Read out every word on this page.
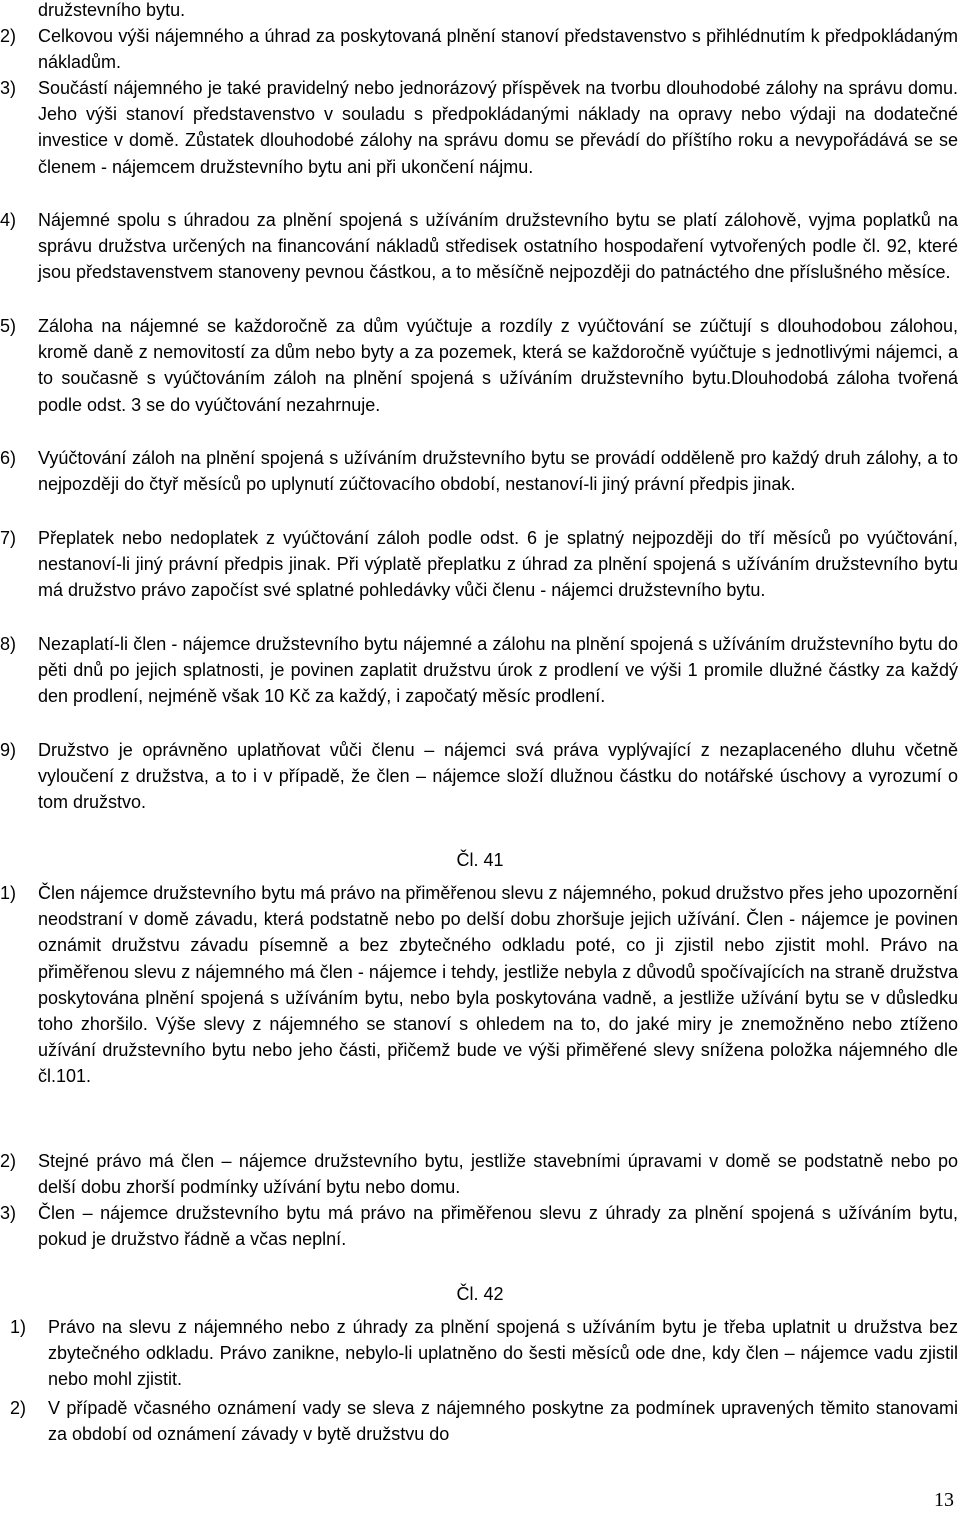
družstevního bytu.

2) Celkovou výši nájemného a úhrad za poskytovaná plnění stanoví představenstvo s přihlédnutím k předpokládaným nákladům.

3) Součástí nájemného je také pravidelný nebo jednorázový příspěvek na tvorbu dlouhodobé zálohy na správu domu. Jeho výši stanoví představenstvo v souladu s předpokládanými náklady na opravy nebo výdaji na dodatečné investice v domě. Zůstatek dlouhodobé zálohy na správu domu se převádí do příštího roku a nevypořádává se se členem - nájemcem družstevního bytu ani při ukončení nájmu.

4) Nájemné spolu s úhradou za plnění spojená s užíváním družstevního bytu se platí zálohově, vyjma poplatků na správu družstva určených na financování nákladů středisek ostatního hospodaření vytvořených podle čl. 92, které jsou představenstvem stanoveny pevnou částkou, a to měsíčně nejpozději do patnáctého dne příslušného měsíce.

5) Záloha na nájemné se každoročně za dům vyúčtuje a rozdíly z vyúčtování se zúčtují s dlouhodobou zálohou, kromě daně z nemovitostí za dům nebo byty a za pozemek, která se každoročně vyúčtuje s jednotlivými nájemci, a to současně s vyúčtováním záloh na plnění spojená s užíváním družstevního bytu.Dlouhodobá záloha tvořená podle odst. 3 se do vyúčtování nezahrnuje.

6) Vyúčtování záloh na plnění spojená s užíváním družstevního bytu se provádí odděleně pro každý druh zálohy, a to nejpozději do čtyř měsíců po uplynutí zúčtovacího období, nestanoví-li jiný právní předpis jinak.

7) Přeplatek nebo nedoplatek z vyúčtování záloh podle odst. 6 je splatný nejpozději do tří měsíců po vyúčtování, nestanoví-li jiný právní předpis jinak. Při výplatě přeplatku z úhrad za plnění spojená s užíváním družstevního bytu má družstvo právo započíst své splatné pohledávky vůči členu - nájemci družstevního bytu.

8) Nezaplatí-li člen - nájemce družstevního bytu nájemné a zálohu na plnění spojená s užíváním družstevního bytu do pěti dnů po jejich splatnosti, je povinen zaplatit družstvu úrok z prodlení ve výši 1 promile dlužné částky za každý den prodlení, nejméně však 10 Kč za každý, i započatý měsíc prodlení.

9) Družstvo je oprávněno uplatňovat vůči členu – nájemci svá práva vyplývající z nezaplaceného dluhu včetně vyloučení z družstva, a to i v případě, že člen – nájemce složí dlužnou částku do notářské úschovy a vyrozumí o tom družstvo.

Čl. 41

1) Člen nájemce družstevního bytu má právo na přiměřenou slevu z nájemného, pokud družstvo přes jeho upozornění neodstraní v domě závadu, která podstatně nebo po delší dobu zhoršuje jejich užívání. Člen - nájemce je povinen oznámit družstvu závadu písemně a bez zbytečného odkladu poté, co ji zjistil nebo zjistit mohl. Právo na přiměřenou slevu z nájemného má člen - nájemce i tehdy, jestliže nebyla z důvodů spočívajících na straně družstva poskytována plnění spojená s užíváním bytu, nebo byla poskytována vadně, a jestliže užívání bytu se v důsledku toho zhoršilo. Výše slevy z nájemného se stanoví s ohledem na to, do jaké miry je znemožněno nebo ztíženo užívání družstevního bytu nebo jeho části, přičemž bude ve výši přiměřené slevy snížena položka nájemného dle čl.101.

2) Stejné právo má člen – nájemce družstevního bytu, jestliže stavebními úpravami v domě se podstatně nebo po delší dobu zhorší podmínky užívání bytu nebo domu.

3) Člen – nájemce družstevního bytu má právo na přiměřenou slevu z úhrady za plnění spojená s užíváním bytu, pokud je družstvo řádně a včas neplní.

Čl. 42

1) Právo na slevu z nájemného nebo z úhrady za plnění spojená s užíváním bytu je třeba uplatnit u družstva bez zbytečného odkladu. Právo zanikne, nebylo-li uplatněno do šesti měsíců ode dne, kdy člen – nájemce vadu zjistil nebo mohl zjistit.

2) V případě včasného oznámení vady se sleva z nájemného poskytne za podmínek upravených těmito stanovami za období od oznámení závady v bytě družstvu do

13
